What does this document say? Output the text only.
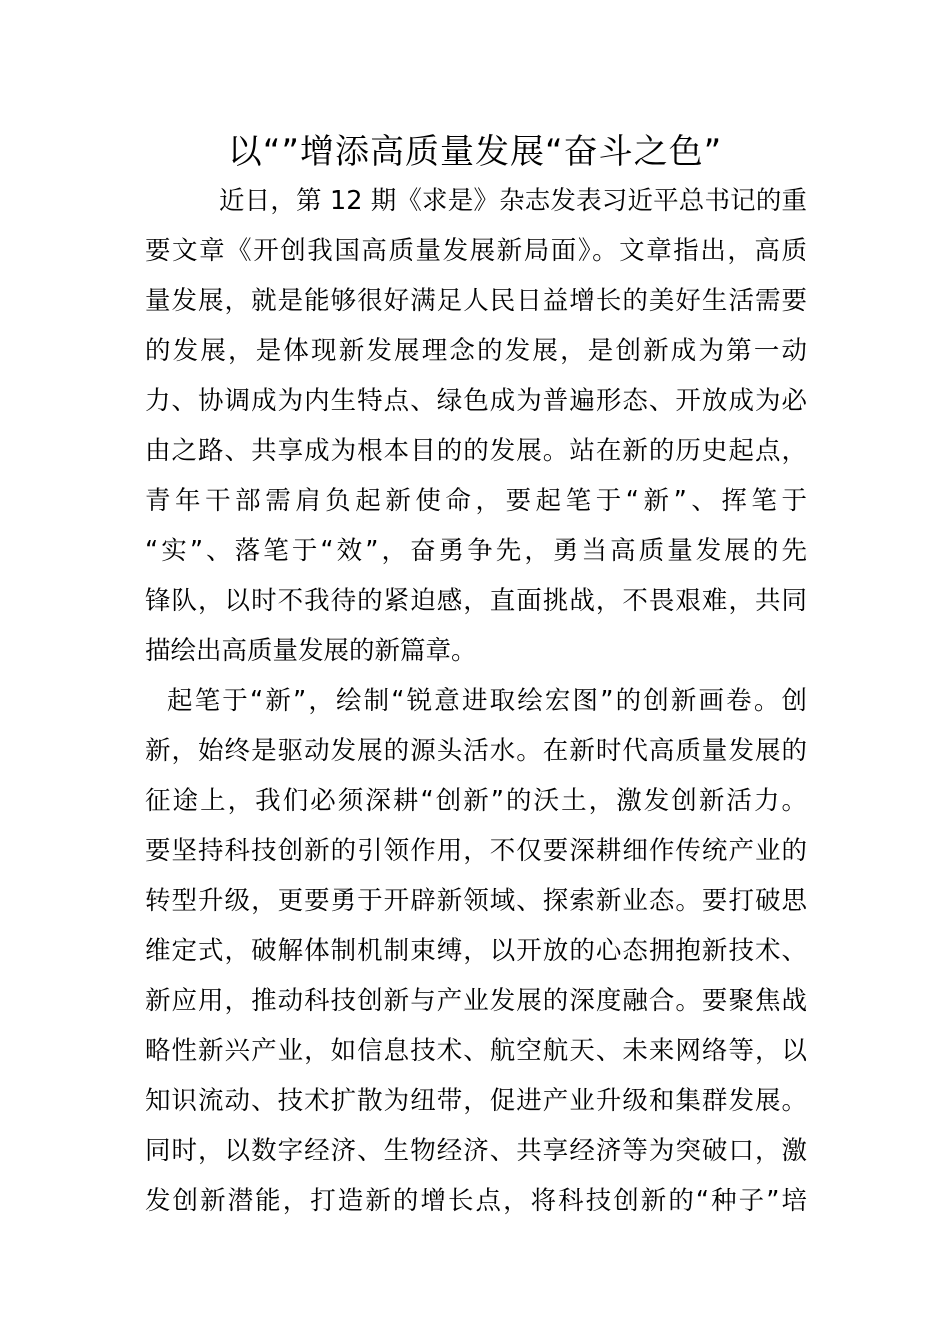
以“”增添高质量发展“奋斗之色”
近日，第 12 期《求是》杂志发表习近平总书记的重
要文章《开创我国高质量发展新局面》。文章指出，高质
量发展，就是能够很好满足人民日益增长的美好生活需要
的发展，是体现新发展理念的发展，是创新成为第一动
力、协调成为内生特点、绿色成为普遍形态、开放成为必
由之路、共享成为根本目的的发展。站在新的历史起点，
青年干部需肩负起新使命，要起笔于“新”、挥笔于
“实”、落笔于“效”，奋勇争先，勇当高质量发展的先
锋队，以时不我待的紧迫感，直面挑战，不畏艰难，共同
描绘出高质量发展的新篇章。
起笔于“新”，绘制“锐意进取绘宏图”的创新画卷。创
新，始终是驱动发展的源头活水。在新时代高质量发展的
征途上，我们必须深耕“创新”的沃土，激发创新活力。
要坚持科技创新的引领作用，不仅要深耕细作传统产业的
转型升级，更要勇于开辟新领域、探索新业态。要打破思
维定式，破解体制机制束缚，以开放的心态拥抱新技术、
新应用，推动科技创新与产业发展的深度融合。要聚焦战
略性新兴产业，如信息技术、航空航天、未来网络等，以
知识流动、技术扩散为纽带，促进产业升级和集群发展。
同时，以数字经济、生物经济、共享经济等为突破口，激
发创新潜能，打造新的增长点，将科技创新的“种子”培
